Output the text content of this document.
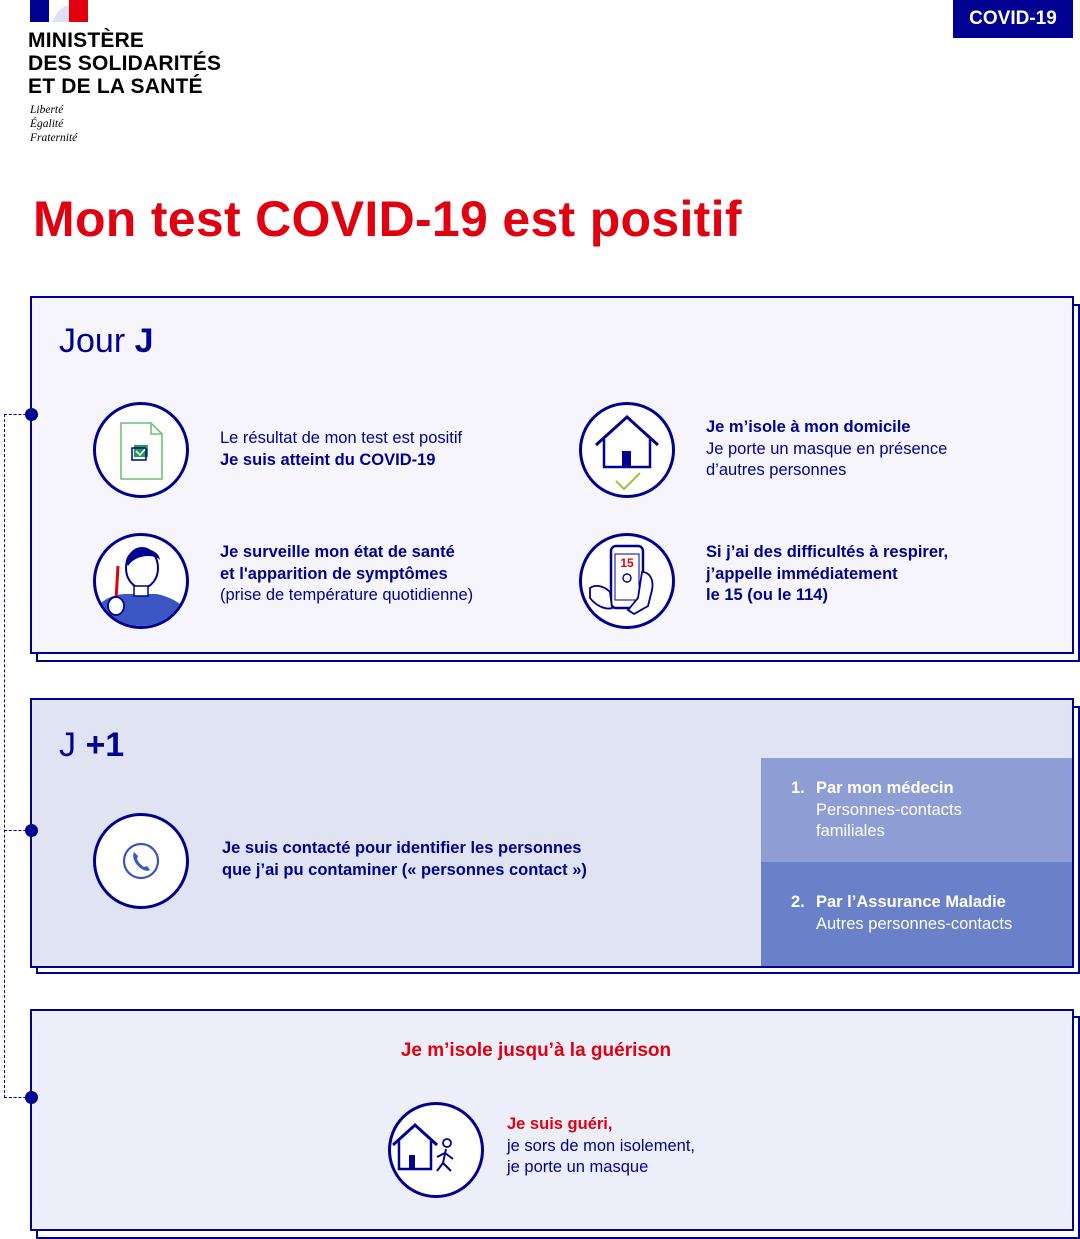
MINISTÈRE
DES SOLIDARITÉS
ET DE LA SANTÉ
Liberté
Égalité
Fraternité
COVID-19
Mon test COVID-19 est positif
Jour J
Le résultat de mon test est positif
Je suis atteint du COVID-19
Je m’isole à mon domicile
Je porte un masque en présence
d’autres personnes
Je surveille mon état de santé
et l'apparition de symptômes
(prise de température quotidienne)
15
Si j’ai des difficultés à respirer,
j’appelle immédiatement
le 15 (ou le 114)
J +1
Je suis contacté pour identifier les personnes
que j’ai pu contaminer (« personnes contact »)
1. Par mon médecin
Personnes-contacts
familiales
2. Par l’Assurance Maladie
Autres personnes-contacts
Je m’isole jusqu’à la guérison
Je suis guéri,
je sors de mon isolement,
je porte un masque
